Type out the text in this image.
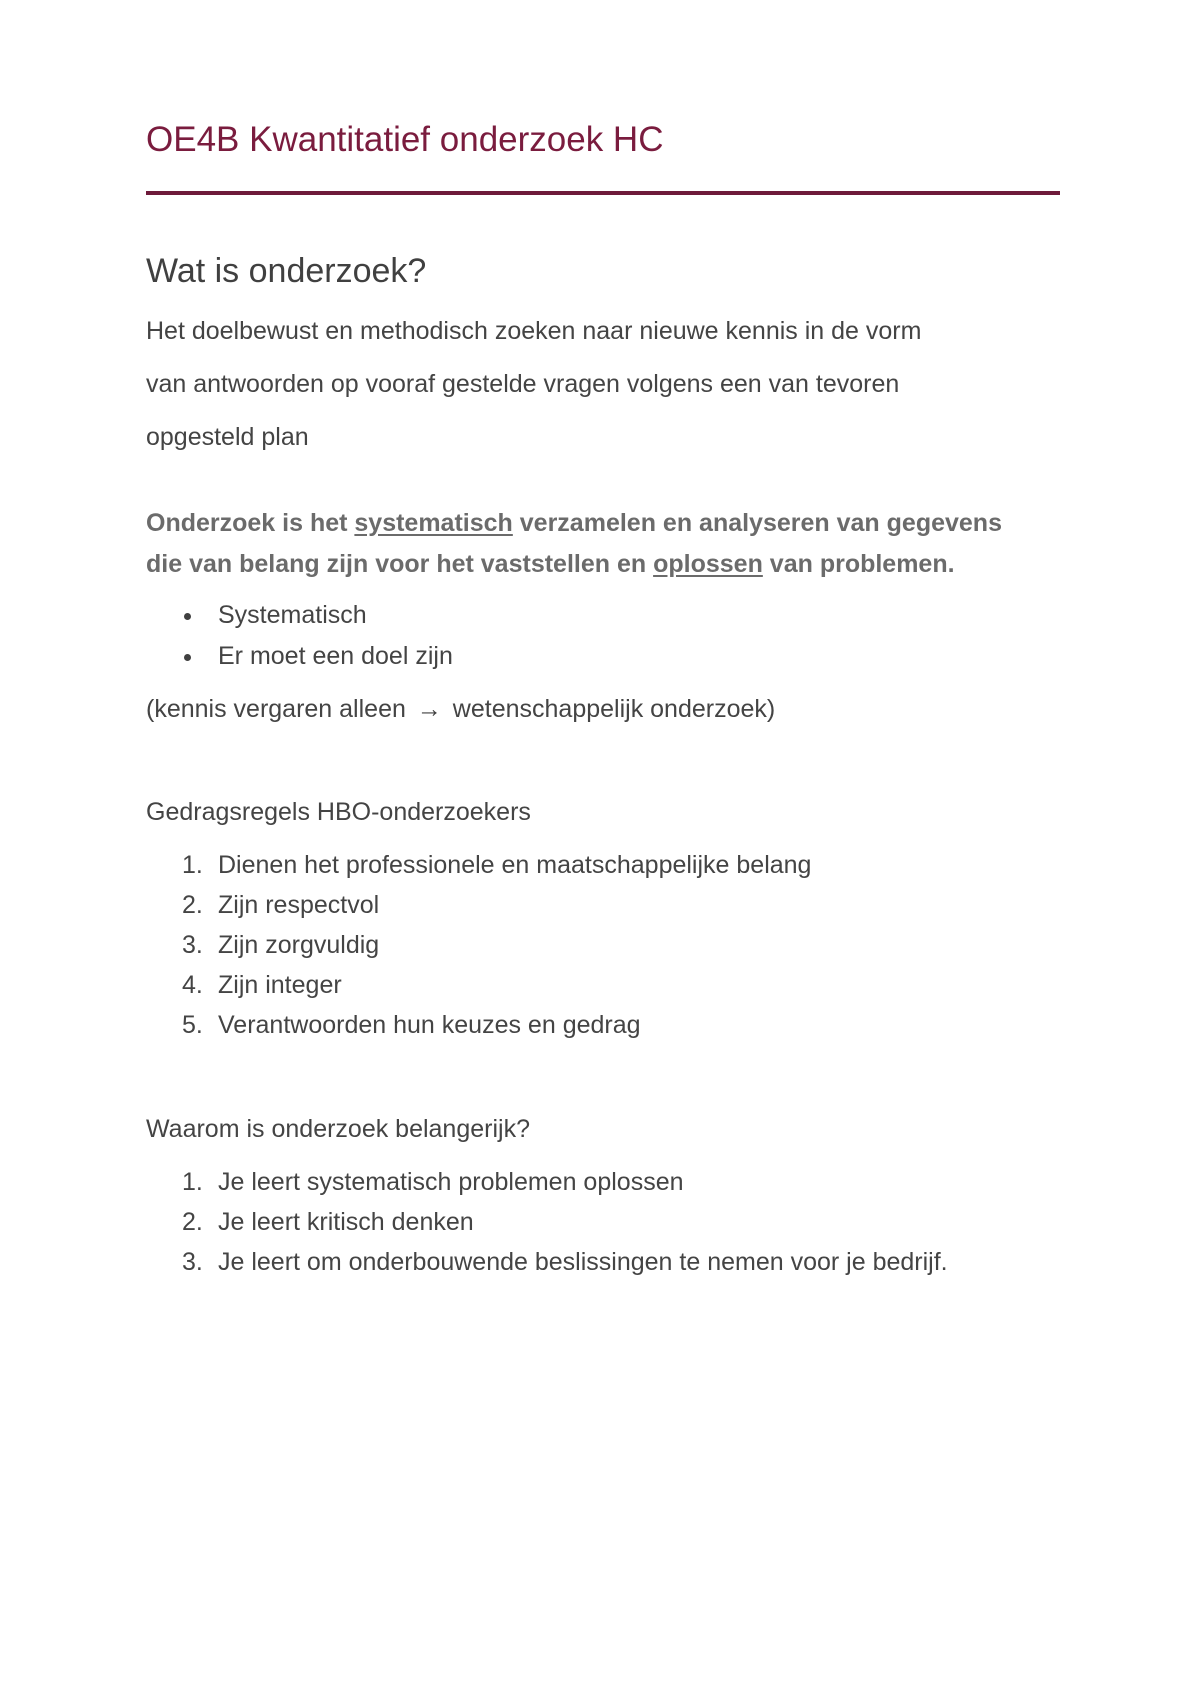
OE4B Kwantitatief onderzoek HC
Wat is onderzoek?

Het doelbewust en methodisch zoeken naar nieuwe kennis in de vorm

van antwoorden op vooraf gestelde vragen volgens een van tevoren

opgesteld plan

Onderzoek is het systematisch verzamelen en analyseren van gegevens

die van belang zijn voor het vaststellen en oplossen van problemen.

Systematisch
Er moet een doel zijn

(kennis vergaren alleen → wetenschappelijk onderzoek)

Gedragsregels HBO-onderzoekers

1. Dienen het professionele en maatschappelijke belang
2. Zijn respectvol
3. Zijn zorgvuldig
4. Zijn integer
5. Verantwoorden hun keuzes en gedrag

Waarom is onderzoek belangerijk?

1. Je leert systematisch problemen oplossen
2. Je leert kritisch denken
3. Je leert om onderbouwende beslissingen te nemen voor je bedrijf.
